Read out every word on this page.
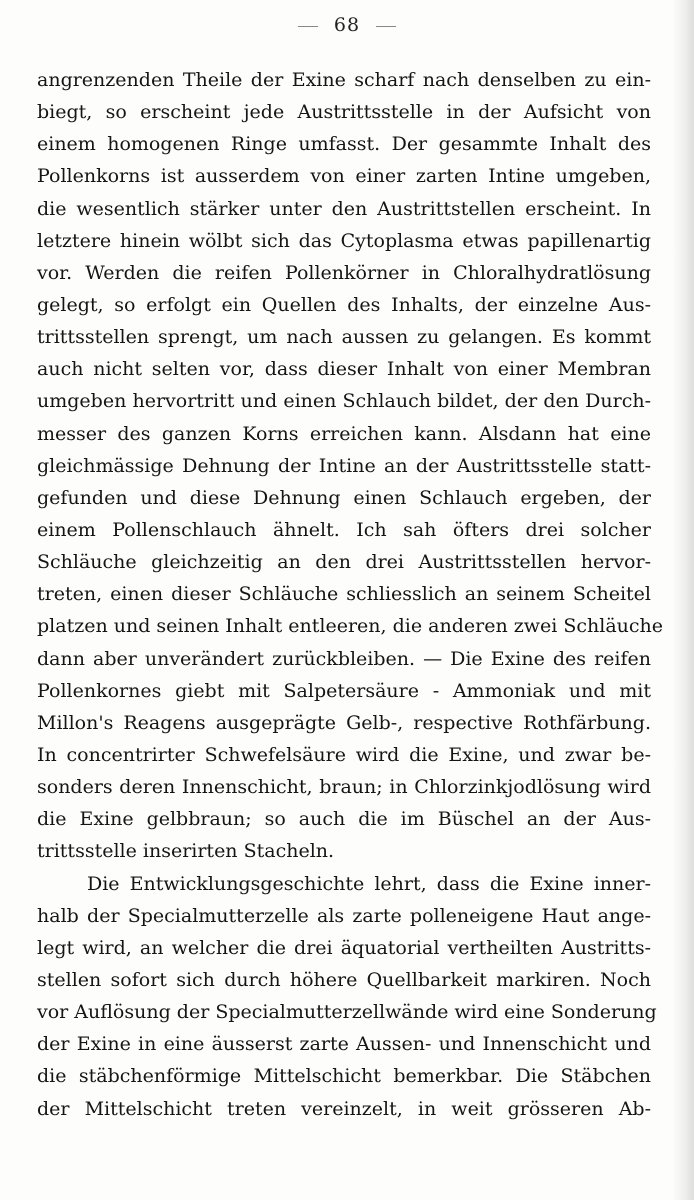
68
angrenzenden Theile der Exine scharf nach denselben zu ein-
biegt, so erscheint jede Austrittsstelle in der Aufsicht von
einem homogenen Ringe umfasst. Der gesammte Inhalt des
Pollenkorns ist ausserdem von einer zarten Intine umgeben,
die wesentlich stärker unter den Austrittstellen erscheint. In
letztere hinein wölbt sich das Cytoplasma etwas papillenartig
vor. Werden die reifen Pollenkörner in Chloralhydratlösung
gelegt, so erfolgt ein Quellen des Inhalts, der einzelne Aus-
trittsstellen sprengt, um nach aussen zu gelangen. Es kommt
auch nicht selten vor, dass dieser Inhalt von einer Membran
umgeben hervortritt und einen Schlauch bildet, der den Durch-
messer des ganzen Korns erreichen kann. Alsdann hat eine
gleichmässige Dehnung der Intine an der Austrittsstelle statt-
gefunden und diese Dehnung einen Schlauch ergeben, der
einem Pollenschlauch ähnelt. Ich sah öfters drei solcher
Schläuche gleichzeitig an den drei Austrittsstellen hervor-
treten, einen dieser Schläuche schliesslich an seinem Scheitel
platzen und seinen Inhalt entleeren, die anderen zwei Schläuche
dann aber unverändert zurückbleiben. — Die Exine des reifen
Pollenkornes giebt mit Salpetersäure - Ammoniak und mit
Millon's Reagens ausgeprägte Gelb-, respective Rothfärbung.
In concentrirter Schwefelsäure wird die Exine, und zwar be-
sonders deren Innenschicht, braun; in Chlorzinkjodlösung wird
die Exine gelbbraun; so auch die im Büschel an der Aus-
trittsstelle inserirten Stacheln.
Die Entwicklungsgeschichte lehrt, dass die Exine inner-
halb der Specialmutterzelle als zarte polleneigene Haut ange-
legt wird, an welcher die drei äquatorial vertheilten Austritts-
stellen sofort sich durch höhere Quellbarkeit markiren. Noch
vor Auflösung der Specialmutterzellwände wird eine Sonderung
der Exine in eine äusserst zarte Aussen- und Innenschicht und
die stäbchenförmige Mittelschicht bemerkbar. Die Stäbchen
der Mittelschicht treten vereinzelt, in weit grösseren Ab-
